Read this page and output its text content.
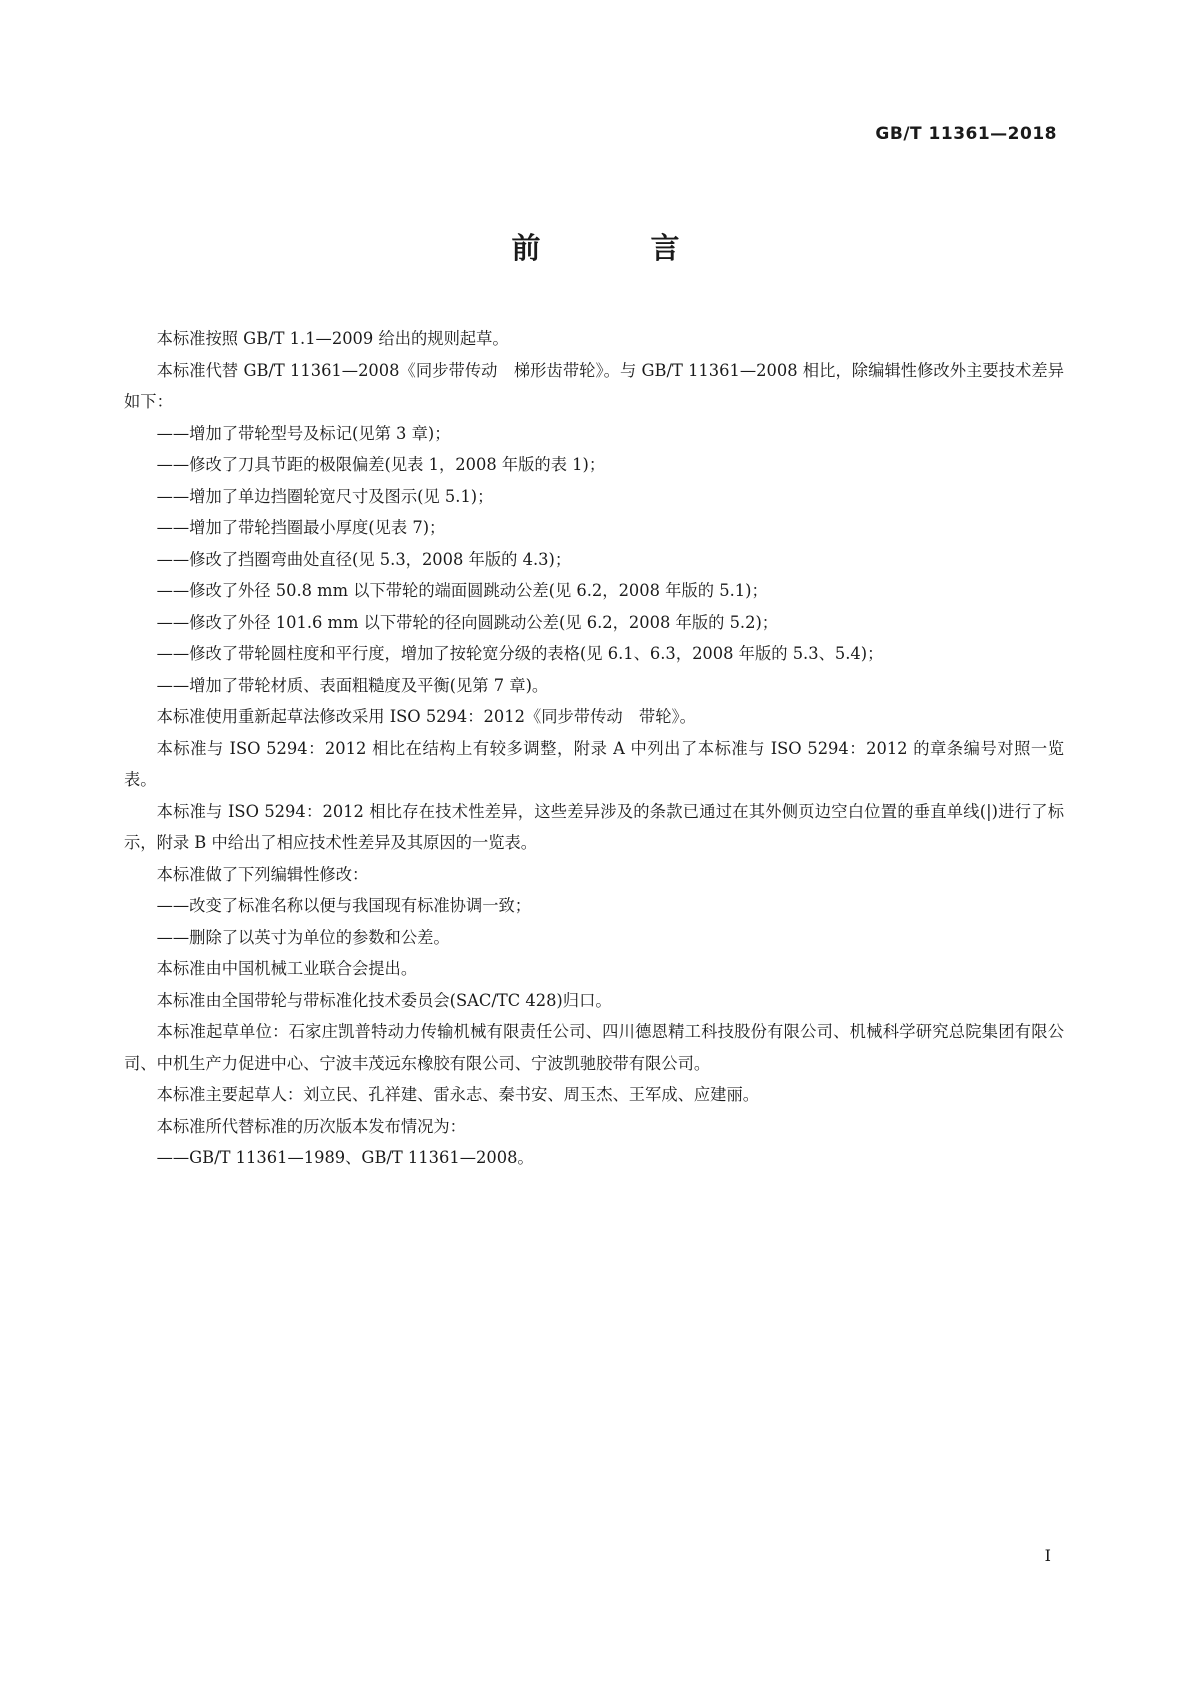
GB/T 11361—2018

前 言

本标准按照 GB/T 1.1—2009 给出的规则起草。

本标准代替 GB/T 11361—2008《同步带传动　梯形齿带轮》。与 GB/T 11361—2008 相比，除编辑性修改外主要技术差异如下：

——增加了带轮型号及标记(见第 3 章)；

——修改了刀具节距的极限偏差(见表 1，2008 年版的表 1)；

——增加了单边挡圈轮宽尺寸及图示(见 5.1)；

——增加了带轮挡圈最小厚度(见表 7)；

——修改了挡圈弯曲处直径(见 5.3，2008 年版的 4.3)；

——修改了外径 50.8 mm 以下带轮的端面圆跳动公差(见 6.2，2008 年版的 5.1)；

——修改了外径 101.6 mm 以下带轮的径向圆跳动公差(见 6.2，2008 年版的 5.2)；

——修改了带轮圆柱度和平行度，增加了按轮宽分级的表格(见 6.1、6.3，2008 年版的 5.3、5.4)；

——增加了带轮材质、表面粗糙度及平衡(见第 7 章)。

本标准使用重新起草法修改采用 ISO 5294：2012《同步带传动　带轮》。

本标准与 ISO 5294：2012 相比在结构上有较多调整，附录 A 中列出了本标准与 ISO 5294：2012 的章条编号对照一览表。

本标准与 ISO 5294：2012 相比存在技术性差异，这些差异涉及的条款已通过在其外侧页边空白位置的垂直单线(|)进行了标示，附录 B 中给出了相应技术性差异及其原因的一览表。

本标准做了下列编辑性修改：

——改变了标准名称以便与我国现有标准协调一致；

——删除了以英寸为单位的参数和公差。

本标准由中国机械工业联合会提出。

本标准由全国带轮与带标准化技术委员会(SAC/TC 428)归口。

本标准起草单位：石家庄凯普特动力传输机械有限责任公司、四川德恩精工科技股份有限公司、机械科学研究总院集团有限公司、中机生产力促进中心、宁波丰茂远东橡胶有限公司、宁波凯驰胶带有限公司。

本标准主要起草人：刘立民、孔祥建、雷永志、秦书安、周玉杰、王军成、应建丽。

本标准所代替标准的历次版本发布情况为：

——GB/T 11361—1989、GB/T 11361—2008。

I
